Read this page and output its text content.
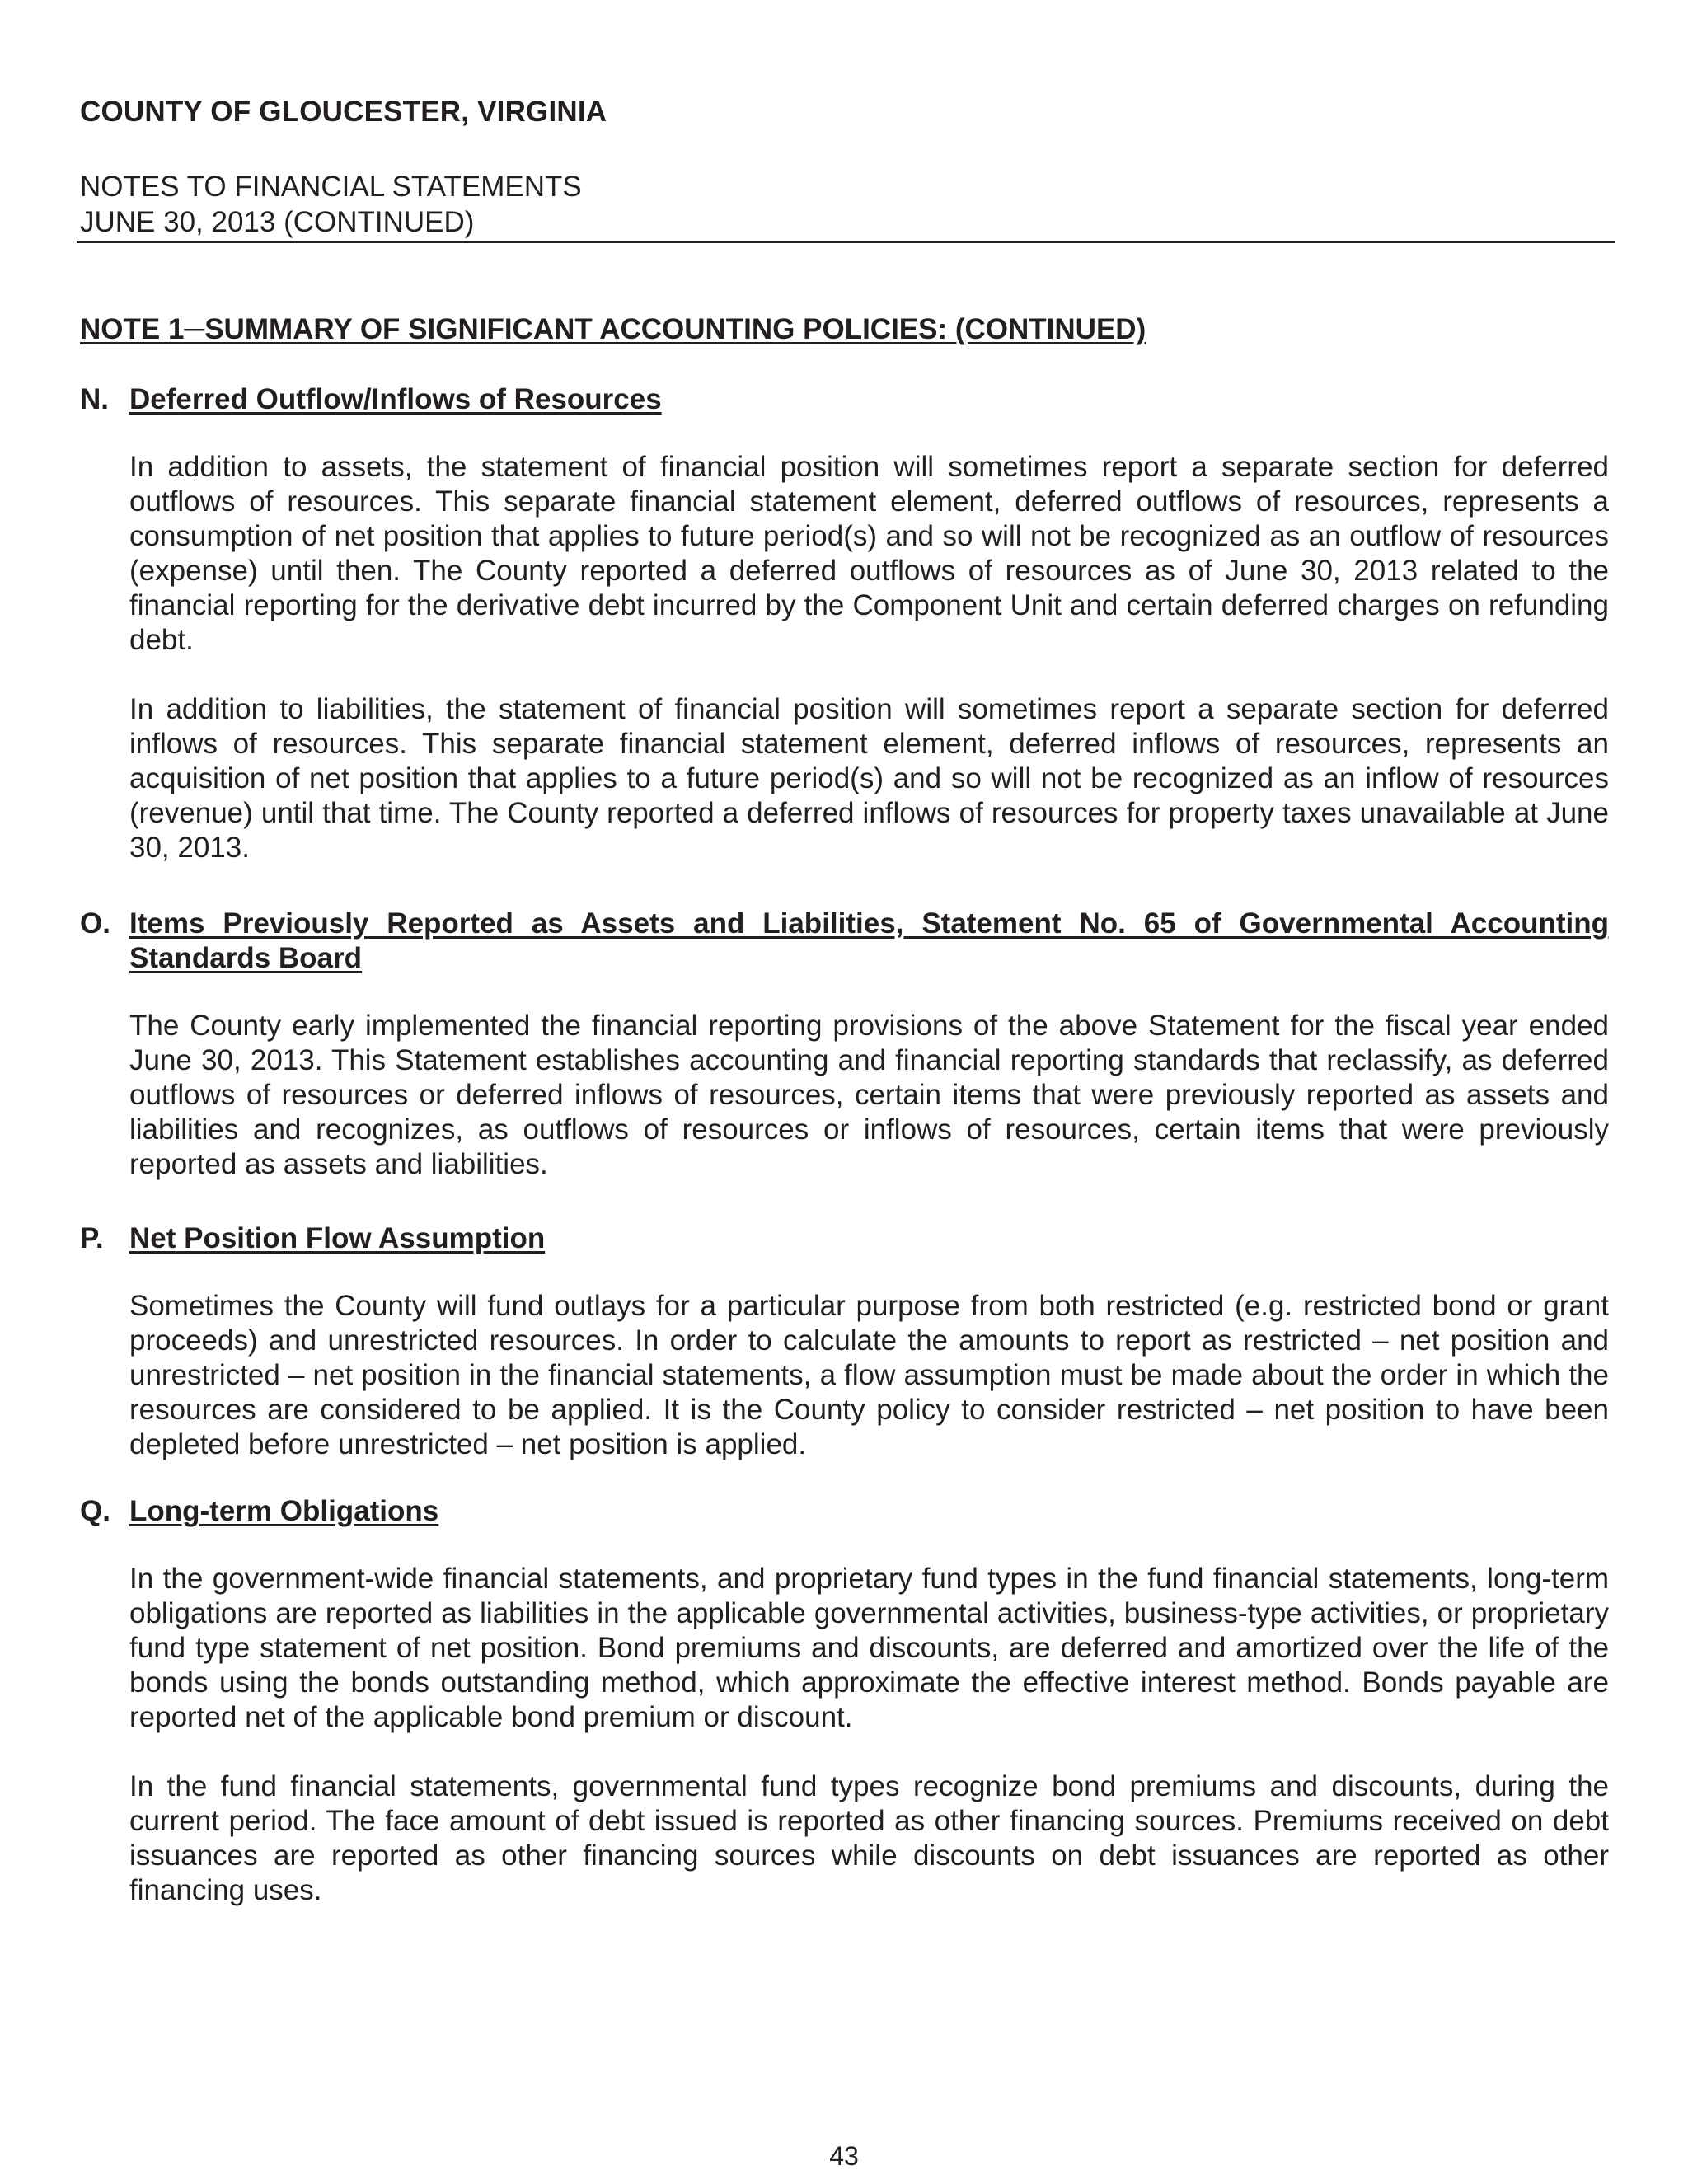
COUNTY OF GLOUCESTER, VIRGINIA
NOTES TO FINANCIAL STATEMENTS
JUNE 30, 2013 (CONTINUED)
NOTE 1─SUMMARY OF SIGNIFICANT ACCOUNTING POLICIES: (CONTINUED)
N. Deferred Outflow/Inflows of Resources
In addition to assets, the statement of financial position will sometimes report a separate section for deferred outflows of resources. This separate financial statement element, deferred outflows of resources, represents a consumption of net position that applies to future period(s) and so will not be recognized as an outflow of resources (expense) until then. The County reported a deferred outflows of resources as of June 30, 2013 related to the financial reporting for the derivative debt incurred by the Component Unit and certain deferred charges on refunding debt.
In addition to liabilities, the statement of financial position will sometimes report a separate section for deferred inflows of resources. This separate financial statement element, deferred inflows of resources, represents an acquisition of net position that applies to a future period(s) and so will not be recognized as an inflow of resources (revenue) until that time. The County reported a deferred inflows of resources for property taxes unavailable at June 30, 2013.
O. Items Previously Reported as Assets and Liabilities, Statement No. 65 of Governmental Accounting Standards Board
The County early implemented the financial reporting provisions of the above Statement for the fiscal year ended June 30, 2013. This Statement establishes accounting and financial reporting standards that reclassify, as deferred outflows of resources or deferred inflows of resources, certain items that were previously reported as assets and liabilities and recognizes, as outflows of resources or inflows of resources, certain items that were previously reported as assets and liabilities.
P. Net Position Flow Assumption
Sometimes the County will fund outlays for a particular purpose from both restricted (e.g. restricted bond or grant proceeds) and unrestricted resources. In order to calculate the amounts to report as restricted – net position and unrestricted – net position in the financial statements, a flow assumption must be made about the order in which the resources are considered to be applied. It is the County policy to consider restricted – net position to have been depleted before unrestricted – net position is applied.
Q. Long-term Obligations
In the government-wide financial statements, and proprietary fund types in the fund financial statements, long-term obligations are reported as liabilities in the applicable governmental activities, business-type activities, or proprietary fund type statement of net position. Bond premiums and discounts, are deferred and amortized over the life of the bonds using the bonds outstanding method, which approximate the effective interest method. Bonds payable are reported net of the applicable bond premium or discount.
In the fund financial statements, governmental fund types recognize bond premiums and discounts, during the current period. The face amount of debt issued is reported as other financing sources. Premiums received on debt issuances are reported as other financing sources while discounts on debt issuances are reported as other financing uses.
43
